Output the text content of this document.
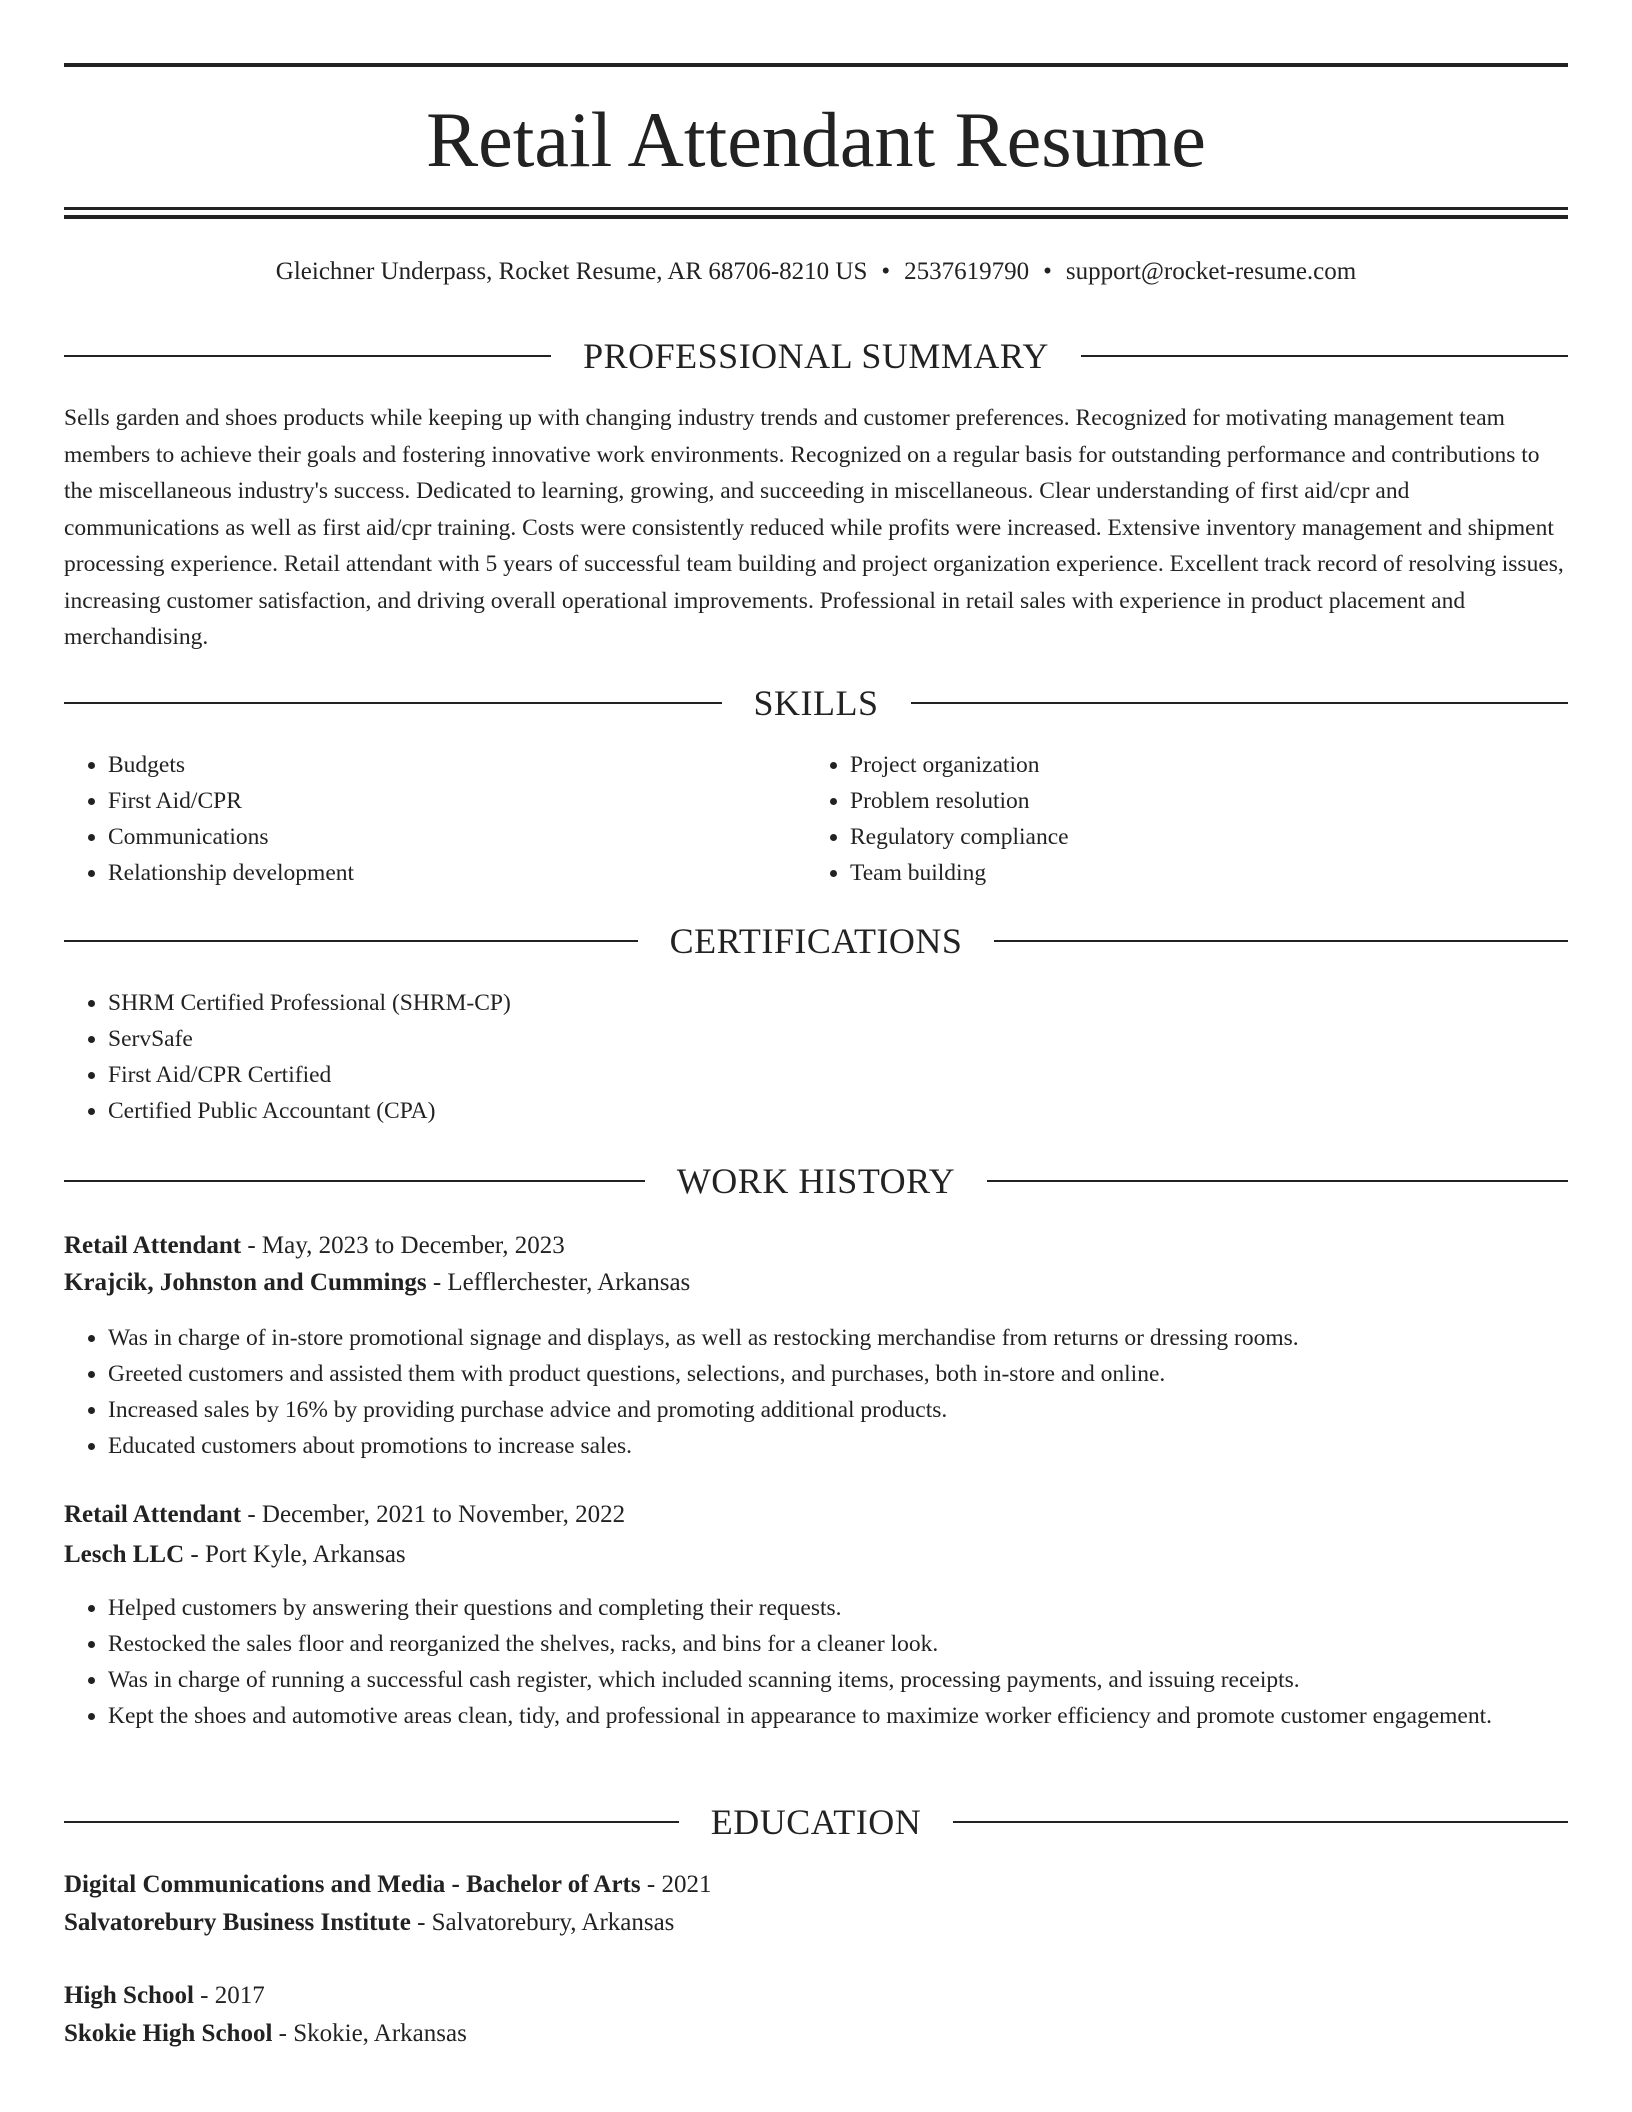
Retail Attendant Resume
Gleichner Underpass, Rocket Resume, AR 68706-8210 US • 2537619790 • support@rocket-resume.com
PROFESSIONAL SUMMARY

Sells garden and shoes products while keeping up with changing industry trends and customer preferences. Recognized for motivating management team members to achieve their goals and fostering innovative work environments. Recognized on a regular basis for outstanding performance and contributions to the miscellaneous industry's success. Dedicated to learning, growing, and succeeding in miscellaneous. Clear understanding of first aid/cpr and communications as well as first aid/cpr training. Costs were consistently reduced while profits were increased. Extensive inventory management and shipment processing experience. Retail attendant with 5 years of successful team building and project organization experience. Excellent track record of resolving issues, increasing customer satisfaction, and driving overall operational improvements. Professional in retail sales with experience in product placement and merchandising.

SKILLS
• Budgets
• First Aid/CPR
• Communications
• Relationship development
• Project organization
• Problem resolution
• Regulatory compliance
• Team building
CERTIFICATIONS
• SHRM Certified Professional (SHRM-CP)
• ServSafe
• First Aid/CPR Certified
• Certified Public Accountant (CPA)
WORK HISTORY
Retail Attendant - May, 2023 to December, 2023
Krajcik, Johnston and Cummings - Lefflerchester, Arkansas
• Was in charge of in-store promotional signage and displays, as well as restocking merchandise from returns or dressing rooms.
• Greeted customers and assisted them with product questions, selections, and purchases, both in-store and online.
• Increased sales by 16% by providing purchase advice and promoting additional products.
• Educated customers about promotions to increase sales.
Retail Attendant - December, 2021 to November, 2022
Lesch LLC - Port Kyle, Arkansas
• Helped customers by answering their questions and completing their requests.
• Restocked the sales floor and reorganized the shelves, racks, and bins for a cleaner look.
• Was in charge of running a successful cash register, which included scanning items, processing payments, and issuing receipts.
• Kept the shoes and automotive areas clean, tidy, and professional in appearance to maximize worker efficiency and promote customer engagement.
EDUCATION
Digital Communications and Media - Bachelor of Arts - 2021
Salvatorebury Business Institute - Salvatorebury, Arkansas
High School - 2017
Skokie High School - Skokie, Arkansas
